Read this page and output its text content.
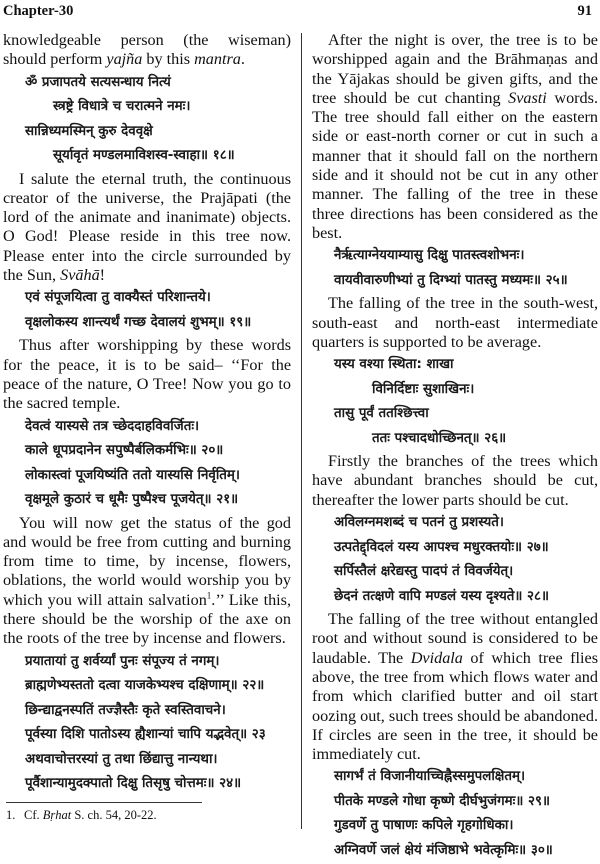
Chapter-30	91

knowledgeable person (the wiseman) should perform yajña by this mantra.

ॐ प्रजापतये सत्यसन्धाय नित्यं
स्त्रष्ट्रे विधात्रे च चरात्मने नमः।
सान्निध्यमस्मिन् कुरु देववृक्षे
सूर्यावृतं मण्डलमाविशस्व-स्वाहा॥ १८॥

I salute the eternal truth, the continuous creator of the universe, the Prajāpati (the lord of the animate and inanimate) objects. O God! Please reside in this tree now. Please enter into the circle surrounded by the Sun, Svāhā!

एवं संपूजयित्वा तु वाक्यैस्तं परिशान्तये।
वृक्षलोकस्य शान्त्यर्थं गच्छ देवालयं शुभम्॥ १९॥

Thus after worshipping by these words for the peace, it is to be said– ‘‘For the peace of the nature, O Tree! Now you go to the sacred temple.

देवत्वं यास्यसे तत्र च्छेददाहविवर्जितः।
काले धूपप्रदानेन सपुष्पैर्बलिकर्मभिः॥ २०॥
लोकास्त्वां पूजयिष्यंति ततो यास्यसि निर्वृतिम्।
वृक्षमूले कुठारं च धूमैः पुष्पैश्च पूजयेत्॥ २१॥

You will now get the status of the god and would be free from cutting and burning from time to time, by incense, flowers, oblations, the world would worship you by which you will attain salvation$^1$.’’ Like this, there should be the worship of the axe on the roots of the tree by incense and flowers.

प्रयातायां तु शर्वर्य्यां पुनः संपूज्य तं नगम्।
ब्राह्मणेभ्यस्ततो दत्वा याजकेभ्यश्च दक्षिणाम्॥ २२॥
छिन्द्याद्वनस्पतिं तज्ज्ञैस्तैः कृते स्वस्तिवाचने।
पूर्वस्या दिशि पातोऽस्य ह्यैशान्यां चापि यद्भवेत्॥ २३
अथवाचोत्तरस्यां तु तथा छिंद्यात्तु नान्यथा।
पूर्वैशान्यामुदक्पातो दिक्षु तिसृषु चोत्तमः॥ २४॥

After the night is over, the tree is to be worshipped again and the Brāhmaṇas and the Yājakas should be given gifts, and the tree should be cut chanting Svasti words. The tree should fall either on the eastern side or east-north corner or cut in such a manner that it should fall on the northern side and it should not be cut in any other manner. The falling of the tree in these three directions has been considered as the best.

नैर्ऋत्याग्नेययाम्यासु दिक्षु पातस्त्वशोभनः।
वायवीवारुणीभ्यां तु दिग्भ्यां पातस्तु मध्यमः॥ २५॥

The falling of the tree in the south-west, south-east and north-east intermediate quarters is supported to be average.

यस्य वश्या स्थिता: शाखा
विनिर्दिष्टाः सुशाखिनः।
तासु पूर्वं ततश्छित्त्वा
ततः पश्चादधोच्छिनत्॥ २६॥

Firstly the branches of the trees which have abundant branches should be cut, thereafter the lower parts should be cut.

अविलग्नमशब्दं च पतनं तु प्रशस्यते।
उत्पतेद्द्विदलं यस्य आपश्च मधुरक्तयोः॥ २७॥
सर्पिस्तैलं क्षरेद्यस्तु पादपं तं विवर्जयेत्।
छेदनं तत्क्षणे वापि मण्डलं यस्य दृश्यते॥ २८॥

The falling of the tree without entangled root and without sound is considered to be laudable. The Dvidala of which tree flies above, the tree from which flows water and from which clarified butter and oil start oozing out, such trees should be abandoned. If circles are seen in the tree, it should be immediately cut.

सागर्भं तं विजानीयाच्चिह्नैस्समुपलक्षितम्।
पीतके मण्डले गोधा कृष्णे दीर्घभुजंगमः॥ २९॥
गुडवर्णे तु पाषाणः कपिले गृहगोधिका।
अग्निवर्णे जलं क्षेयं मंजिष्ठाभे भवेत्कृमिः॥ ३०॥
1. Cf. Bṛhat S. ch. 54, 20-22.
